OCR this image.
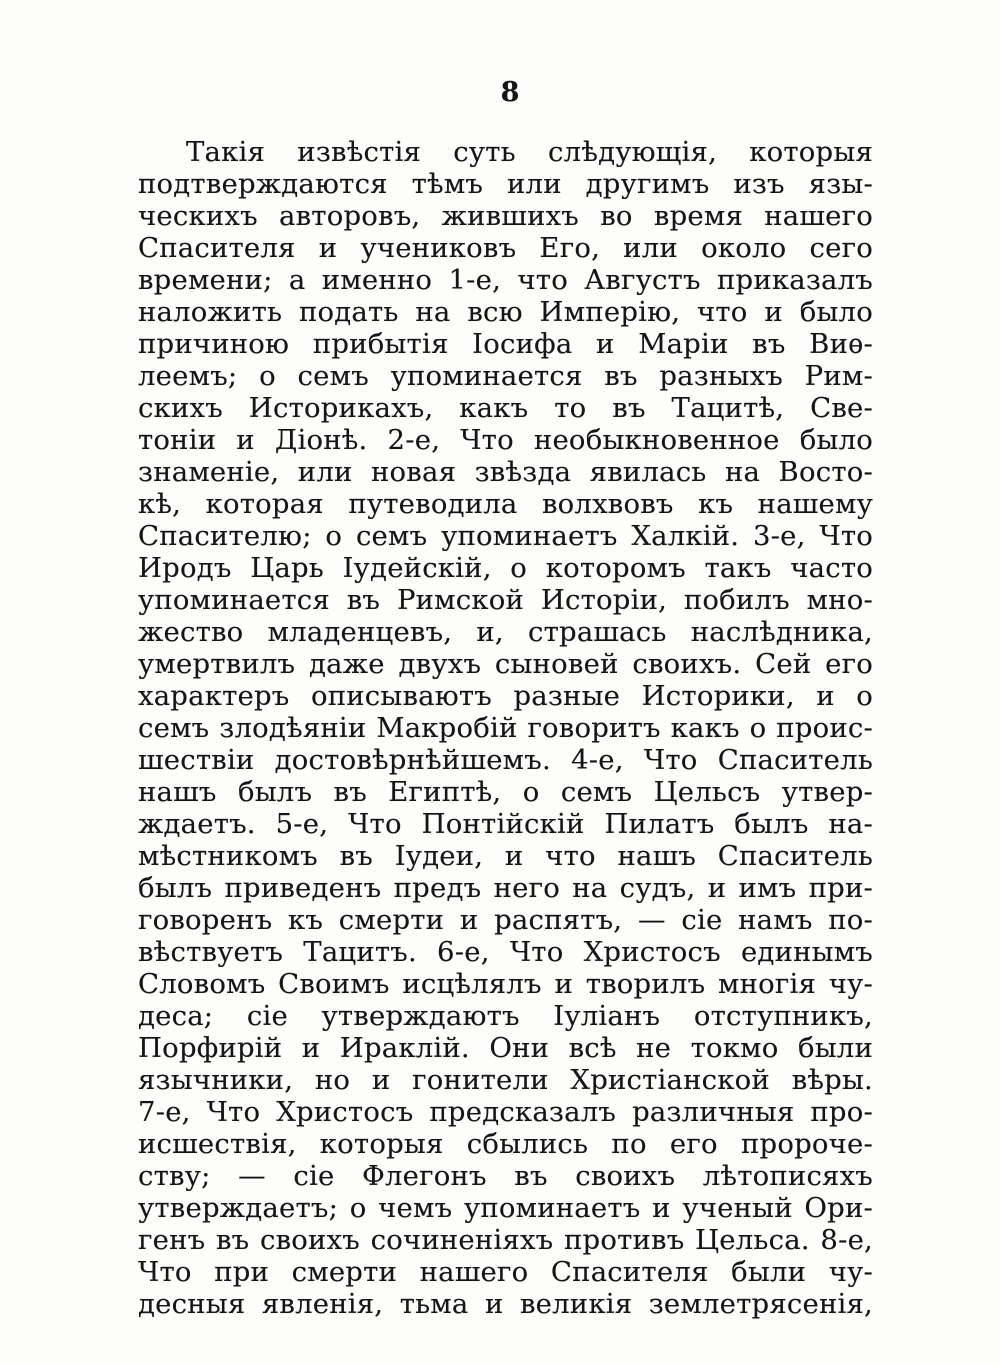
8
Такія извѣстія суть слѣдующія, которыя
подтверждаются тѣмъ или другимъ изъ язы-
ческихъ авторовъ, жившихъ во время нашего
Спасителя и учениковъ Его, или около сего
времени; а именно 1-е, что Августъ приказалъ
наложить подать на всю Имперію, что и было
причиною прибытія Іосифа и Маріи въ Виѳ-
леемъ; о семъ упоминается въ разныхъ Рим-
скихъ Историкахъ, какъ то въ Тацитѣ, Све-
тоніи и Діонѣ. 2-е, Что необыкновенное было
знаменіе, или новая звѣзда явилась на Восто-
кѣ, которая путеводила волхвовъ къ нашему
Спасителю; о семъ упоминаетъ Халкій. 3-е, Что
Иродъ Царь Іудейскій, о которомъ такъ часто
упоминается въ Римской Исторіи, побилъ мно-
жество младенцевъ, и, страшась наслѣдника,
умертвилъ даже двухъ сыновей своихъ. Сей его
характеръ описываютъ разные Историки, и о
семъ злодѣяніи Макробій говоритъ какъ о проис-
шествіи достовѣрнѣйшемъ. 4-е, Что Спаситель
нашъ былъ въ Египтѣ, о семъ Цельсъ утвер-
ждаетъ. 5-е, Что Понтійскій Пилатъ былъ на-
мѣстникомъ въ Іудеи, и что нашъ Спаситель
былъ приведенъ предъ него на судъ, и имъ при-
говоренъ къ смерти и распятъ, — сіе намъ по-
вѣствуетъ Тацитъ. 6-е, Что Христосъ единымъ
Словомъ Своимъ исцѣлялъ и творилъ многія чу-
деса; сіе утверждаютъ Іуліанъ отступникъ,
Порфирій и Ираклій. Они всѣ не токмо были
язычники, но и гонители Христіанской вѣры.
7-е, Что Христосъ предсказалъ различныя про-
исшествія, которыя сбылись по его пророче-
ству; — сіе Флегонъ въ своихъ лѣтописяхъ
утверждаетъ; о чемъ упоминаетъ и ученый Ори-
генъ въ своихъ сочиненіяхъ противъ Цельса. 8-е,
Что при смерти нашего Спасителя были чу-
десныя явленія, тьма и великія землетрясенія,
